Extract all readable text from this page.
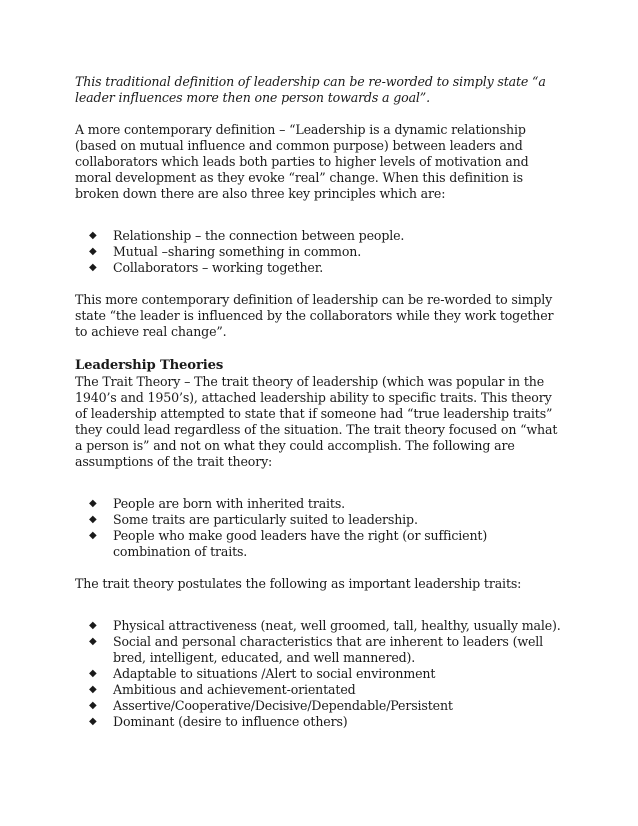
This traditional definition of leadership can be re-worded to simply state “a leader influences more then one person towards a goal”.

A more contemporary definition – “Leadership is a dynamic relationship (based on mutual influence and common purpose) between leaders and collaborators which leads both parties to higher levels of motivation and moral development as they evoke “real” change. When this definition is broken down there are also three key principles which are:

◆ Relationship – the connection between people.
◆ Mutual –sharing something in common.
◆ Collaborators – working together.

This more contemporary definition of leadership can be re-worded to simply state “the leader is influenced by the collaborators while they work together to achieve real change”.

Leadership Theories

The Trait Theory – The trait theory of leadership (which was popular in the 1940’s and 1950’s), attached leadership ability to specific traits. This theory of leadership attempted to state that if someone had “true leadership traits” they could lead regardless of the situation. The trait theory focused on “what a person is” and not on what they could accomplish. The following are assumptions of the trait theory:

◆ People are born with inherited traits.
◆ Some traits are particularly suited to leadership.
◆ People who make good leaders have the right (or sufficient) combination of traits.

The trait theory postulates the following as important leadership traits:

◆ Physical attractiveness (neat, well groomed, tall, healthy, usually male).
◆ Social and personal characteristics that are inherent to leaders (well bred, intelligent, educated, and well mannered).
◆ Adaptable to situations /Alert to social environment
◆ Ambitious and achievement-orientated
◆ Assertive/Cooperative/Decisive/Dependable/Persistent
◆ Dominant (desire to influence others)
